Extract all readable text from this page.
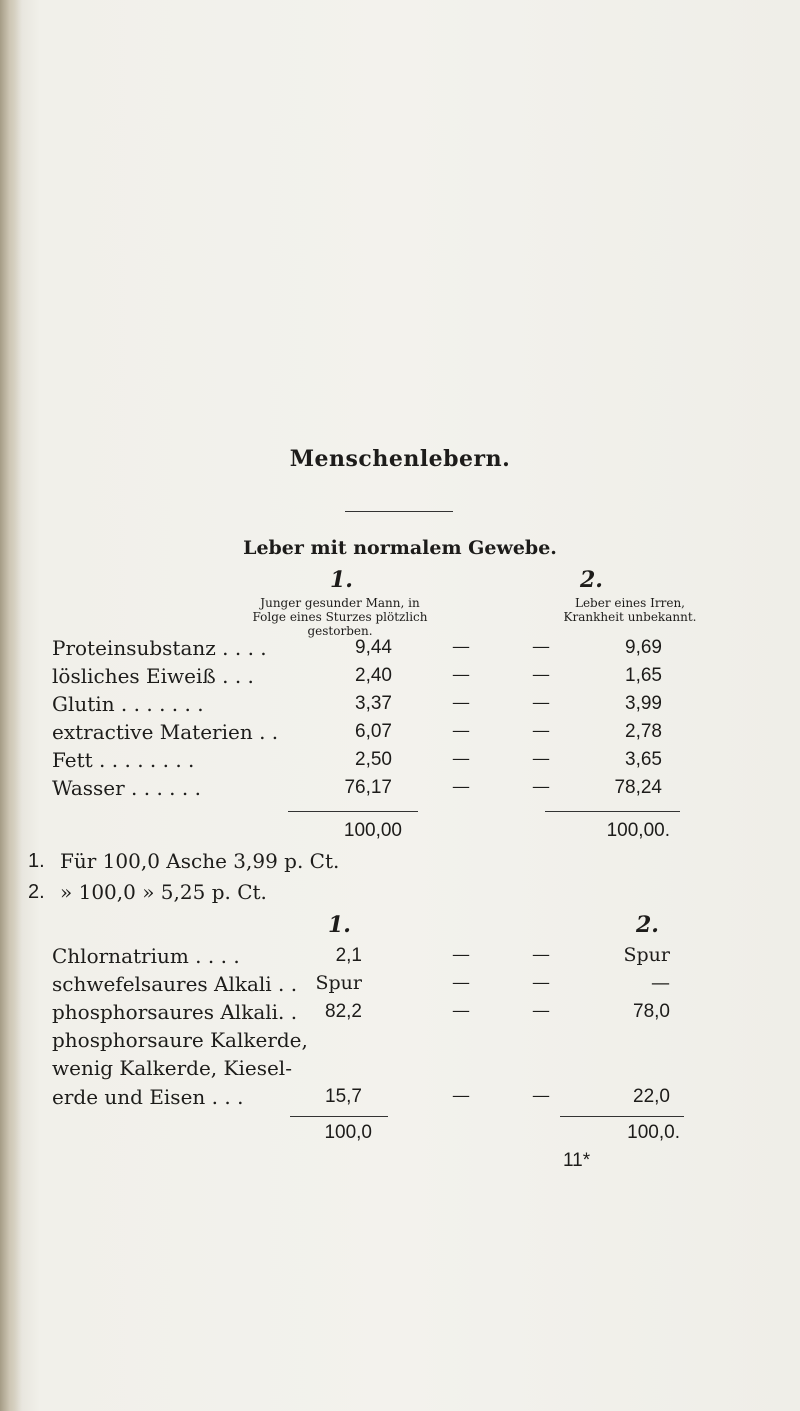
Menschenlebern.
Leber mit normalem Gewebe.
1.	2.
Junger gesunder Mann, in
Folge eines Sturzes plötzlich
gestorben.
Leber eines Irren,
Krankheit unbekannt.
Proteinsubstanz . . . .	9,44	—	—	9,69
lösliches Eiweiß . . .	2,40	—	—	1,65
Glutin . . . . . . .	3,37	—	—	3,99
extractive Materien . .	6,07	—	—	2,78
Fett . . . . . . . .	2,50	—	—	3,65
Wasser . . . . . .	76,17	—	—	78,24
100,00	100,00.
1. Für 100,0 Asche 3,99 p. Ct.
2. » 100,0 » 5,25 p. Ct.
1.	2.
Chlornatrium . . . .	2,1	—	—	Spur
schwefelsaures Alkali . . Spur	—	—	—
phosphorsaures Alkali. .	82,2	—	—	78,0
phosphorsaure Kalkerde,
wenig Kalkerde, Kiesel-
erde und Eisen . . .	15,7	—	—	22,0
100,0	100,0.
11*
